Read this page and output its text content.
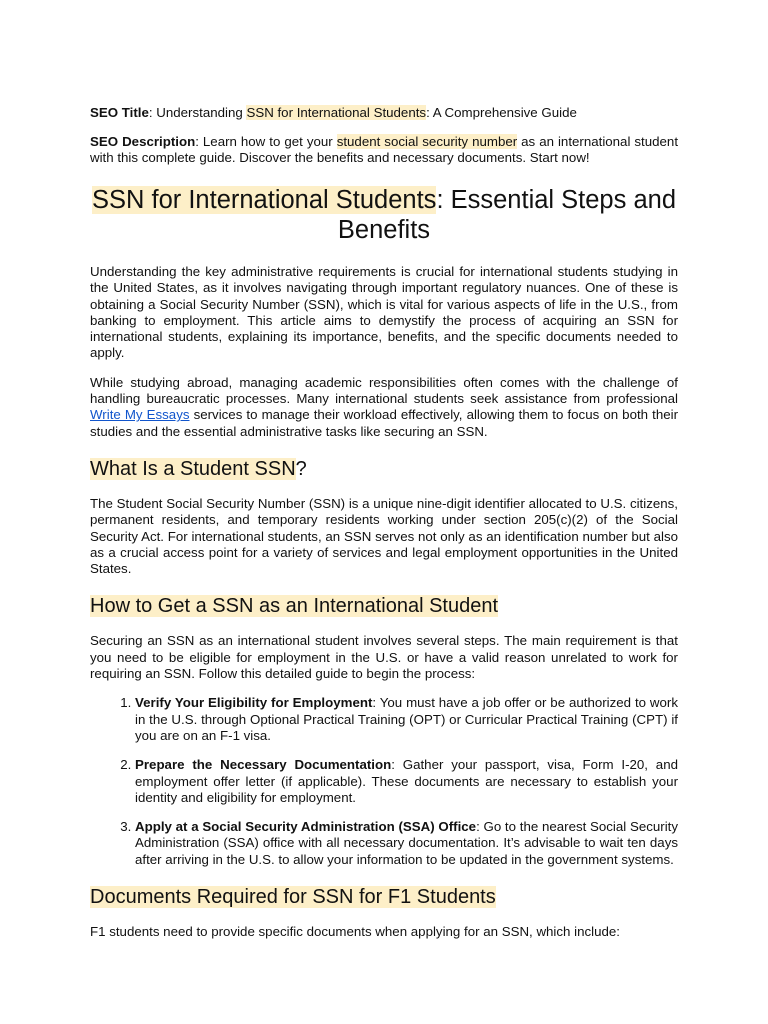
SEO Title: Understanding SSN for International Students: A Comprehensive Guide

SEO Description: Learn how to get your student social security number as an international student with this complete guide. Discover the benefits and necessary documents. Start now!

SSN for International Students: Essential Steps and Benefits

Understanding the key administrative requirements is crucial for international students studying in the United States, as it involves navigating through important regulatory nuances. One of these is obtaining a Social Security Number (SSN), which is vital for various aspects of life in the U.S., from banking to employment. This article aims to demystify the process of acquiring an SSN for international students, explaining its importance, benefits, and the specific documents needed to apply.

While studying abroad, managing academic responsibilities often comes with the challenge of handling bureaucratic processes. Many international students seek assistance from professional Write My Essays services to manage their workload effectively, allowing them to focus on both their studies and the essential administrative tasks like securing an SSN.

What Is a Student SSN?

The Student Social Security Number (SSN) is a unique nine-digit identifier allocated to U.S. citizens, permanent residents, and temporary residents working under section 205(c)(2) of the Social Security Act. For international students, an SSN serves not only as an identification number but also as a crucial access point for a variety of services and legal employment opportunities in the United States.

How to Get a SSN as an International Student

Securing an SSN as an international student involves several steps. The main requirement is that you need to be eligible for employment in the U.S. or have a valid reason unrelated to work for requiring an SSN. Follow this detailed guide to begin the process:

1. Verify Your Eligibility for Employment: You must have a job offer or be authorized to work in the U.S. through Optional Practical Training (OPT) or Curricular Practical Training (CPT) if you are on an F-1 visa.
2. Prepare the Necessary Documentation: Gather your passport, visa, Form I-20, and employment offer letter (if applicable). These documents are necessary to establish your identity and eligibility for employment.
3. Apply at a Social Security Administration (SSA) Office: Go to the nearest Social Security Administration (SSA) office with all necessary documentation. It’s advisable to wait ten days after arriving in the U.S. to allow your information to be updated in the government systems.
Documents Required for SSN for F1 Students

F1 students need to provide specific documents when applying for an SSN, which include:
